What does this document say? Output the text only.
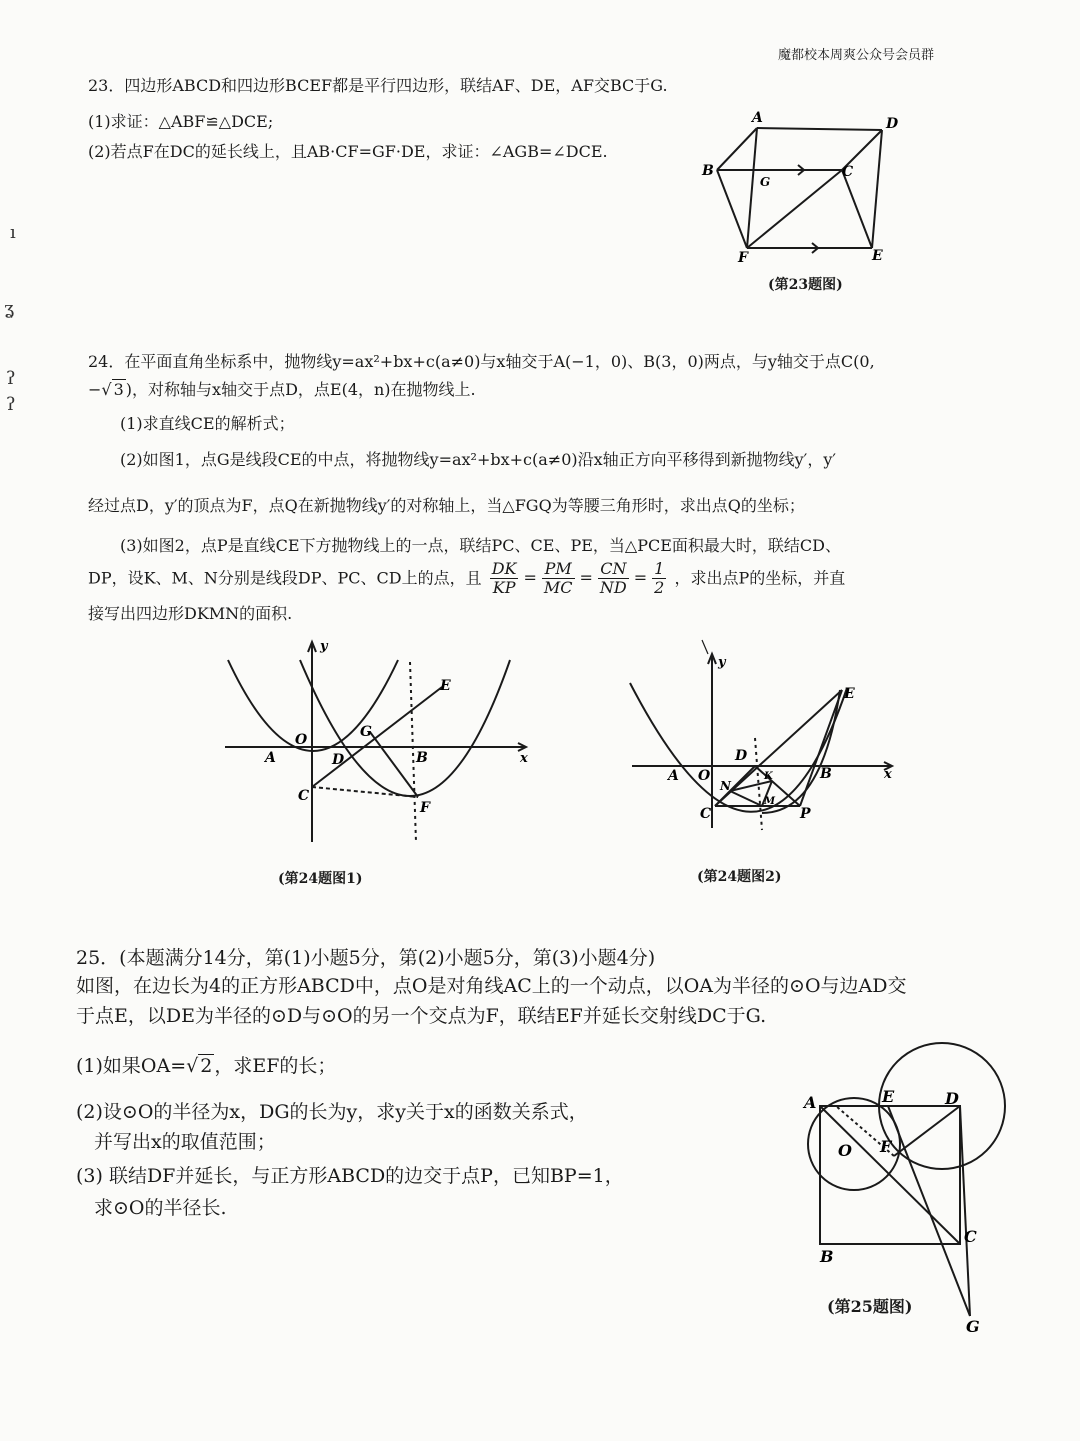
魔都校本周爽公众号会员群
ı
ʓ
ʔ
ʔ
23．四边形ABCD和四边形BCEF都是平行四边形，联结AF、DE，AF交BC于G.
(1)求证：△ABF≌△DCE;
(2)若点F在DC的延长线上，且AB·CF=GF·DE，求证：∠AGB=∠DCE.
A	D
B
G
C
F	E
(第23题图)
24．在平面直角坐标系中，抛物线y=ax²+bx+c(a≠0)与x轴交于A(−1，0)、B(3，0)两点，与y轴交于点C(0,
−√ 3 )，对称轴与x轴交于点D，点E(4，n)在抛物线上.
(1)求直线CE的解析式；
(2)如图1，点G是线段CE的中点，将抛物线y=ax²+bx+c(a≠0)沿x轴正方向平移得到新抛物线y′，y′
经过点D，y′的顶点为F，点Q在新抛物线y′的对称轴上，当△FGQ为等腰三角形时，求出点Q的坐标；
(3)如图2，点P是直线CE下方抛物线上的一点，联结PC、CE、PE，当△PCE面积最大时，联结CD、
DP，设K、M、N分别是线段DP、PC、CD上的点，且 $\frac{DK}{KP} = \frac{PM}{MC} = \frac{CN}{ND} = \frac{1}{2}$ ，求出点P的坐标，并直
接写出四边形DKMN的面积.
y
x
O
A	D	B
G
E
C
F
(第24题图1)
y
x
O
A
D
B
E
C
N
K
M
P
(第24题图2)
25．(本题满分14分，第(1)小题5分，第(2)小题5分，第(3)小题4分)
如图，在边长为4的正方形ABCD中，点O是对角线AC上的一个动点，以OA为半径的⊙O与边AD交
于点E，以DE为半径的⊙D与⊙O的另一个交点为F，联结EF并延长交射线DC于G.
(1)如果OA=√ 2 ，求EF的长；
(2)设⊙O的半径为x，DG的长为y，求y关于x的函数关系式，
并写出x的取值范围；
(3) 联结DF并延长，与正方形ABCD的边交于点P，已知BP=1，
求⊙O的半径长.
A	E	D
O F
B
C
G
(第25题图)
